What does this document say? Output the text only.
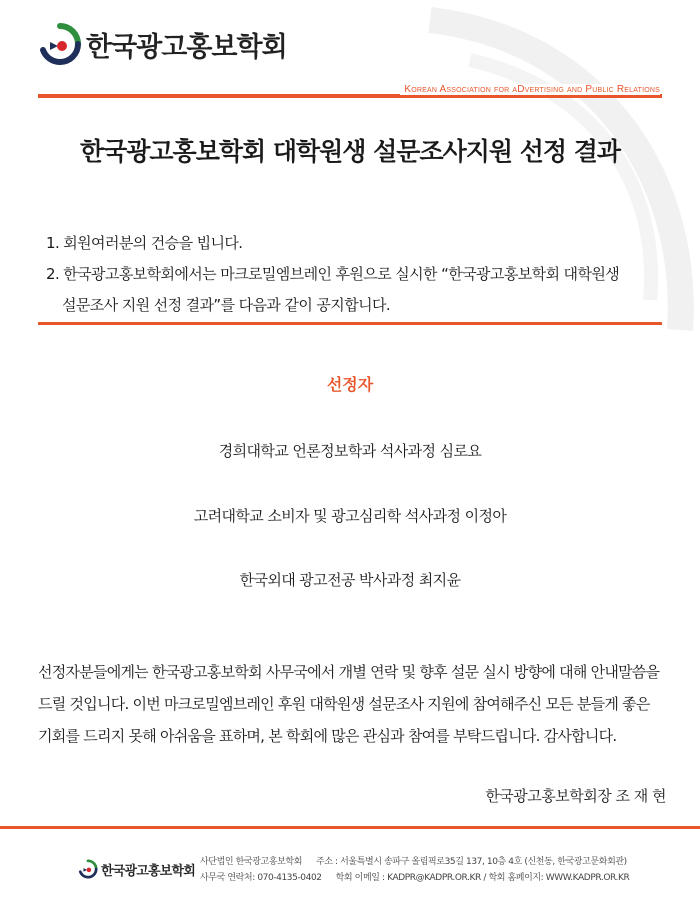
한국광고홍보학회
Korean Association for aDvertising and Public Relations
한국광고홍보학회 대학원생 설문조사지원 선정 결과
1. 회원여러분의 건승을 빕니다.
2. 한국광고홍보학회에서는 마크로밀엠브레인 후원으로 실시한 “한국광고홍보학회 대학원생
설문조사 지원 선정 결과”를 다음과 같이 공지합니다.
선정자
경희대학교 언론정보학과 석사과정 심로요
고려대학교 소비자 및 광고심리학 석사과정 이정아
한국외대 광고전공 박사과정 최지윤
선정자분들에게는 한국광고홍보학회 사무국에서 개별 연락 및 향후 설문 실시 방향에 대해 안내말씀을
드릴 것입니다. 이번 마크로밀엠브레인 후원 대학원생 설문조사 지원에 참여해주신 모든 분들게 좋은
기회를 드리지 못해 아쉬움을 표하며, 본 학회에 많은 관심과 참여를 부탁드립니다. 감사합니다.
한국광고홍보학회장 조 재 현
한국광고홍보학회
사단법인 한국광고홍보학회 주소 : 서울특별시 송파구 올림픽로35길 137, 10층 4호 (신천동, 한국광고문화회관)
사무국 연락처: 070-4135-0402 학회 이메일 : KADPR@KADPR.OR.KR / 학회 홈페이지: WWW.KADPR.OR.KR
